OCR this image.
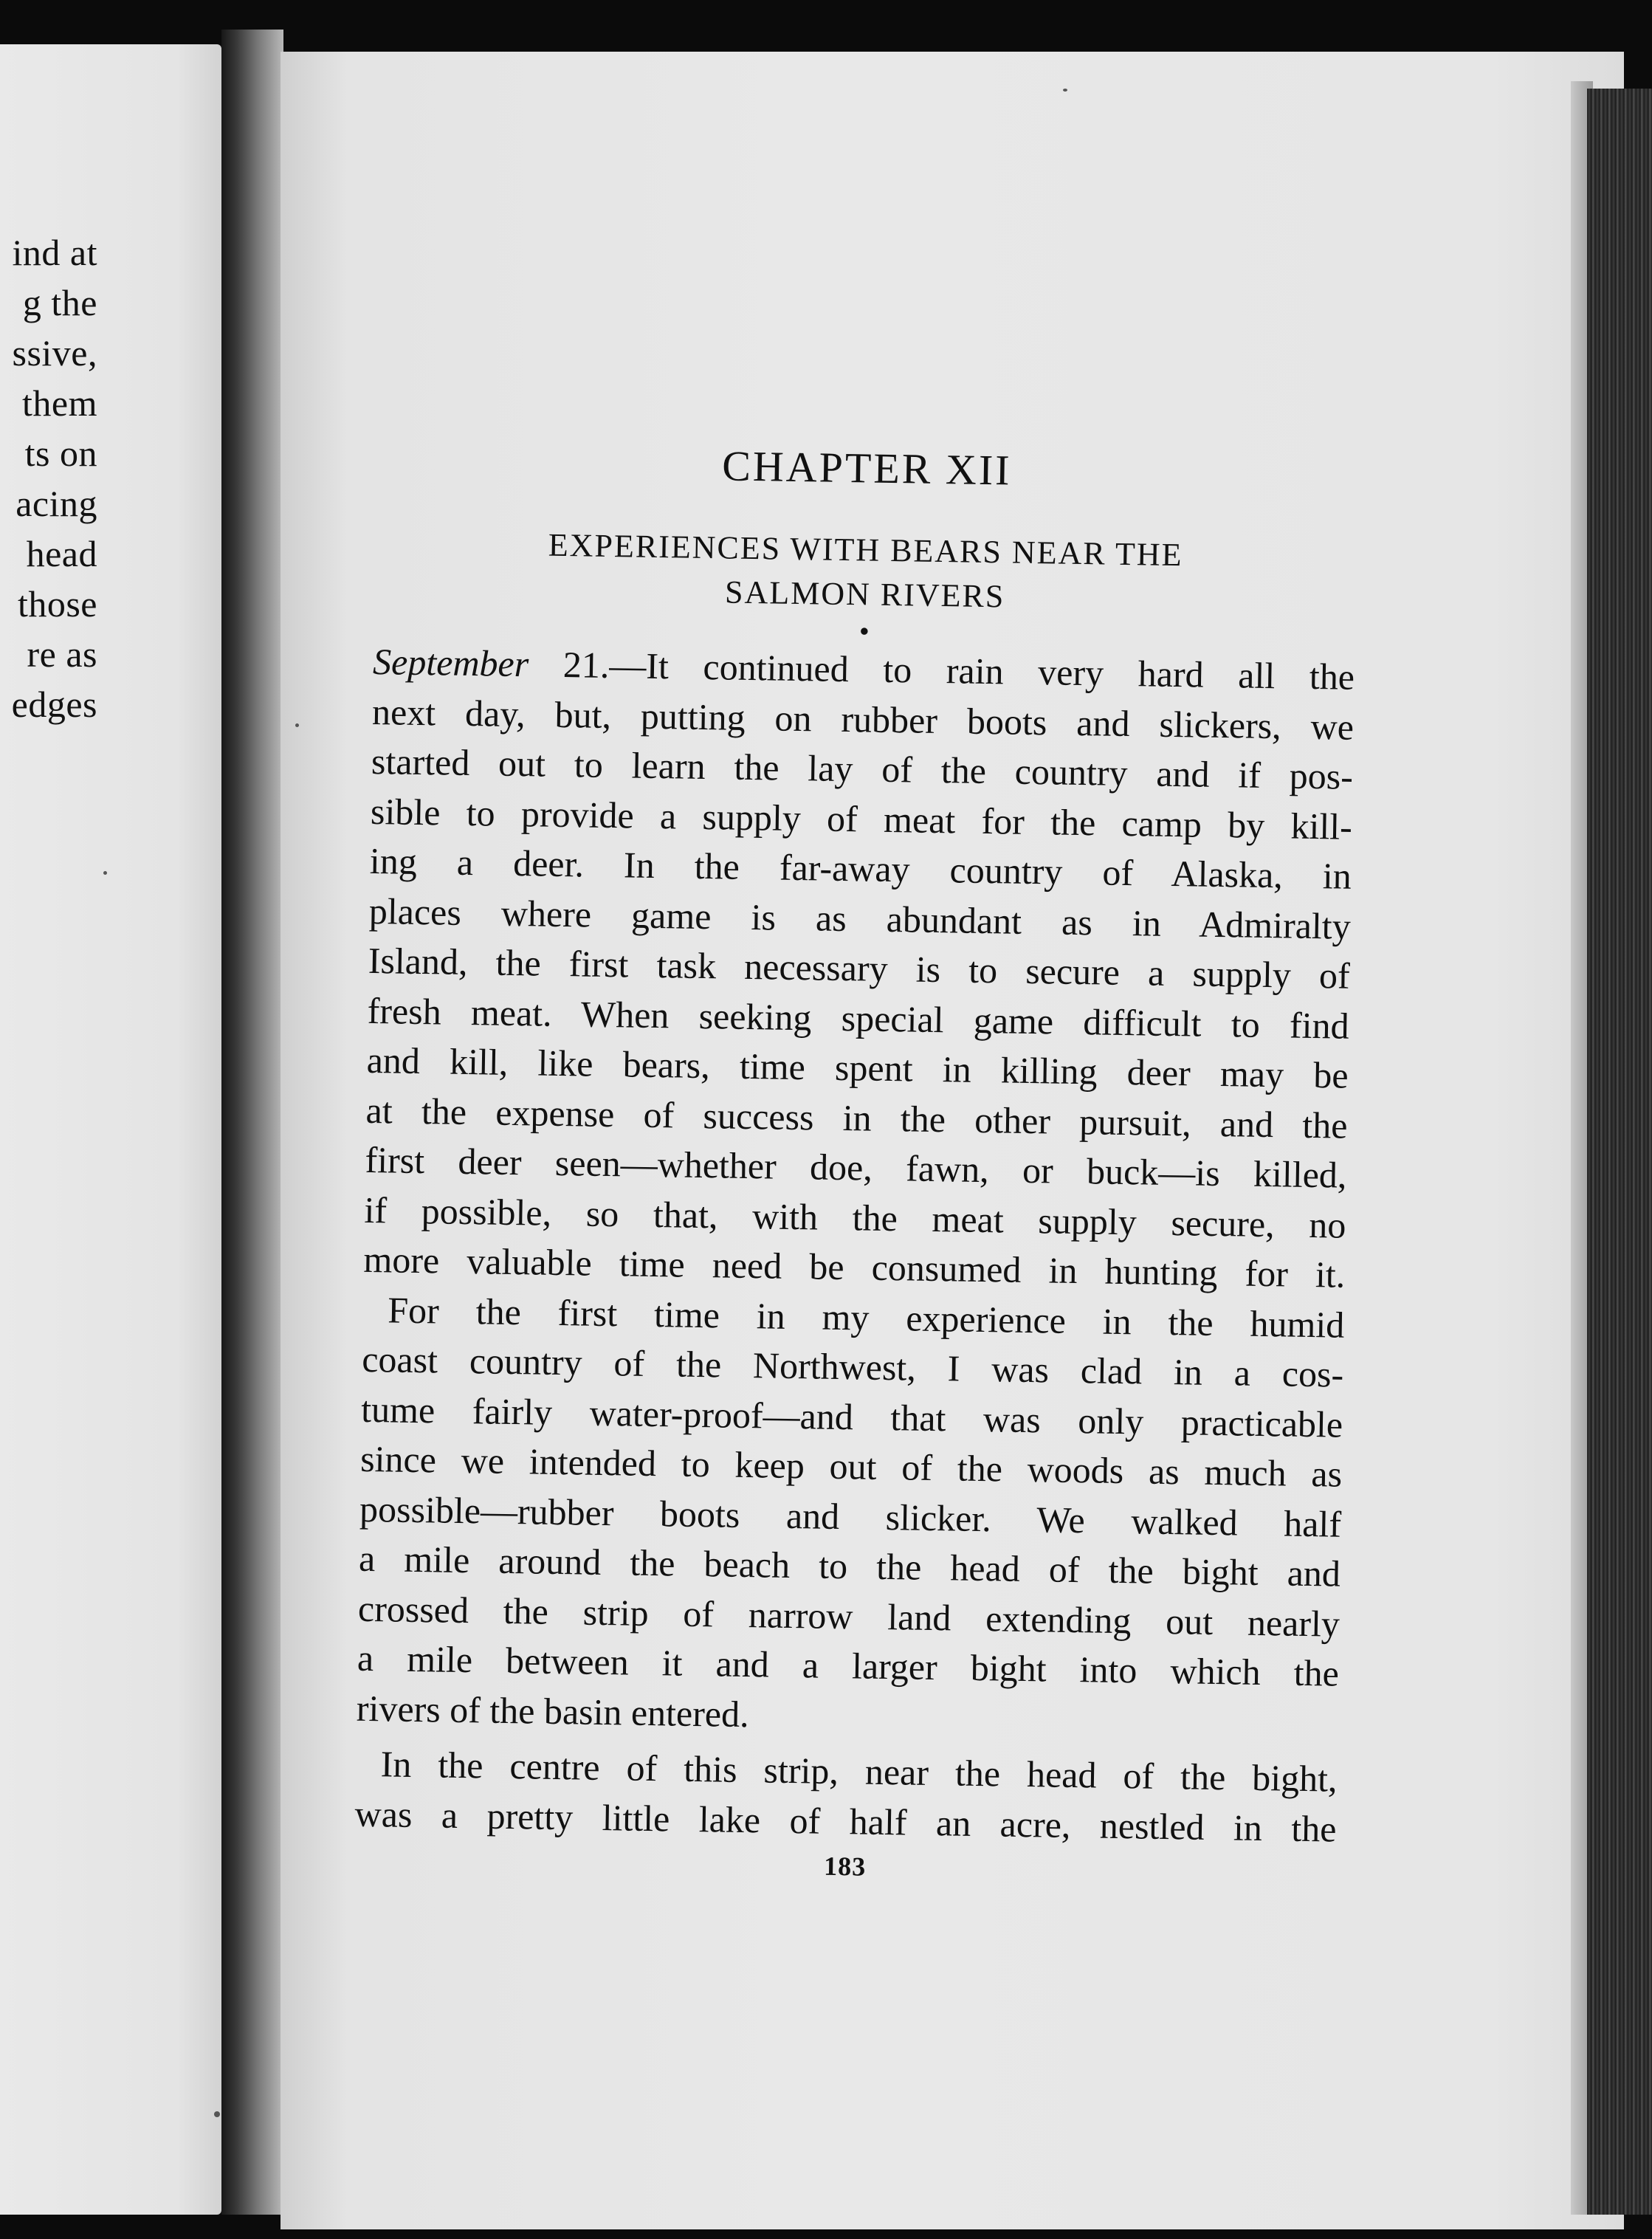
ind at
g the
ssive,
them
ts on
acing
head
those
re as
edges
CHAPTER XII
EXPERIENCES WITH BEARS NEAR THE
SALMON RIVERS
●
September 21.—It continued to rain very hard all the
next day, but, putting on rubber boots and slickers, we
started out to learn the lay of the country and if pos-
sible to provide a supply of meat for the camp by kill-
ing a deer. In the far-away country of Alaska, in
places where game is as abundant as in Admiralty
Island, the first task necessary is to secure a supply of
fresh meat. When seeking special game difficult to find
and kill, like bears, time spent in killing deer may be
at the expense of success in the other pursuit, and the
first deer seen—whether doe, fawn, or buck—is killed,
if possible, so that, with the meat supply secure, no
more valuable time need be consumed in hunting for it.
For the first time in my experience in the humid
coast country of the Northwest, I was clad in a cos-
tume fairly water-proof—and that was only practicable
since we intended to keep out of the woods as much as
possible—rubber boots and slicker. We walked half
a mile around the beach to the head of the bight and
crossed the strip of narrow land extending out nearly
a mile between it and a larger bight into which the
rivers of the basin entered.
In the centre of this strip, near the head of the bight,
was a pretty little lake of half an acre, nestled in the
183
